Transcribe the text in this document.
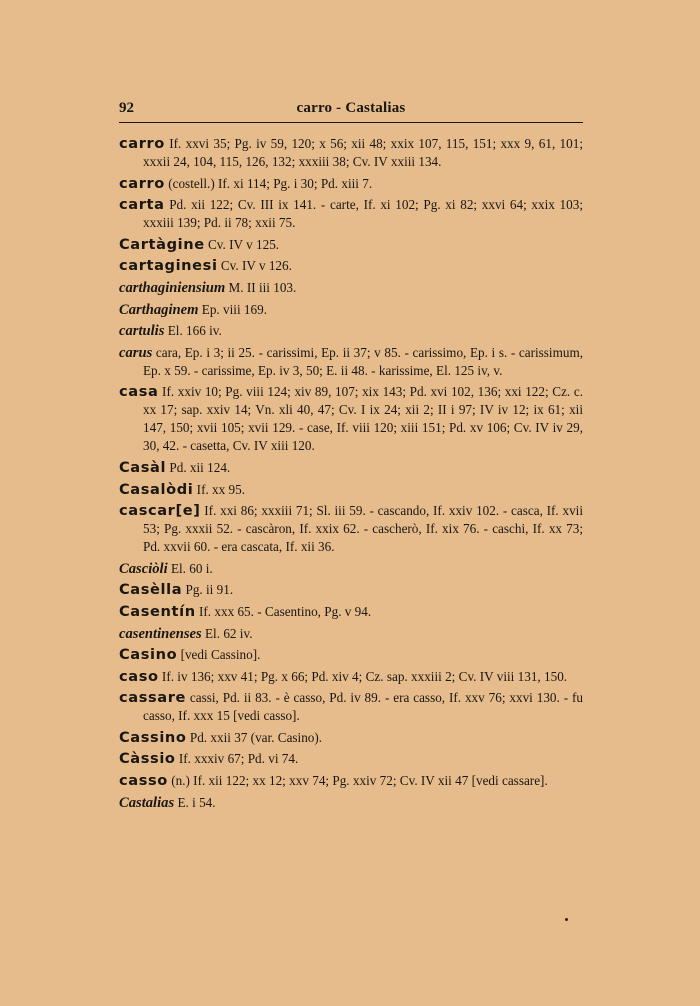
92	carro - Castalias
carro If. xxvi 35; Pg. iv 59, 120; x 56; xii 48; xxix 107, 115, 151; xxx 9, 61, 101; xxxii 24, 104, 115, 126, 132; xxxiii 38; Cv. IV xxiii 134.
carro (costell.) If. xi 114; Pg. i 30; Pd. xiii 7.
carta Pd. xii 122; Cv. III ix 141. - carte, If. xi 102; Pg. xi 82; xxvi 64; xxix 103; xxxiii 139; Pd. ii 78; xxii 75.
Cartàgine Cv. IV v 125.
cartaginesi Cv. IV v 126.
carthaginiensium M. II iii 103.
Carthaginem Ep. viii 169.
cartulis El. 166 iv.
carus cara, Ep. i 3; ii 25. - carissimi, Ep. ii 37; v 85. - carissimo, Ep. i s. - carissimum, Ep. x 59. - carissime, Ep. iv 3, 50; E. ii 48. - karissime, El. 125 iv, v.
casa If. xxiv 10; Pg. viii 124; xiv 89, 107; xix 143; Pd. xvi 102, 136; xxi 122; Cz. c. xx 17; sap. xxiv 14; Vn. xli 40, 47; Cv. I ix 24; xii 2; II i 97; IV iv 12; ix 61; xii 147, 150; xvii 105; xvii 129. - case, If. viii 120; xiii 151; Pd. xv 106; Cv. IV iv 29, 30, 42. - casetta, Cv. IV xiii 120.
Casàl Pd. xii 124.
Casalòdi If. xx 95.
cascar[e] If. xxi 86; xxxiii 71; Sl. iii 59. - cascando, If. xxiv 102. - casca, If. xvii 53; Pg. xxxii 52. - cascàron, If. xxix 62. - cascherò, If. xix 76. - caschi, If. xx 73; Pd. xxvii 60. - era cascata, If. xii 36.
Casciòli El. 60 i.
Casèlla Pg. ii 91.
Casentín If. xxx 65. - Casentino, Pg. v 94.
casentinenses El. 62 iv.
Casino [vedi Cassino].
caso If. iv 136; xxv 41; Pg. x 66; Pd. xiv 4; Cz. sap. xxxiii 2; Cv. IV viii 131, 150.
cassare cassi, Pd. ii 83. - è casso, Pd. iv 89. - era casso, If. xxv 76; xxvi 130. - fu casso, If. xxx 15 [vedi casso].
Cassino Pd. xxii 37 (var. Casino).
Càssio If. xxxiv 67; Pd. vi 74.
casso (n.) If. xii 122; xx 12; xxv 74; Pg. xxiv 72; Cv. IV xii 47 [vedi cassare].
Castalias E. i 54.
